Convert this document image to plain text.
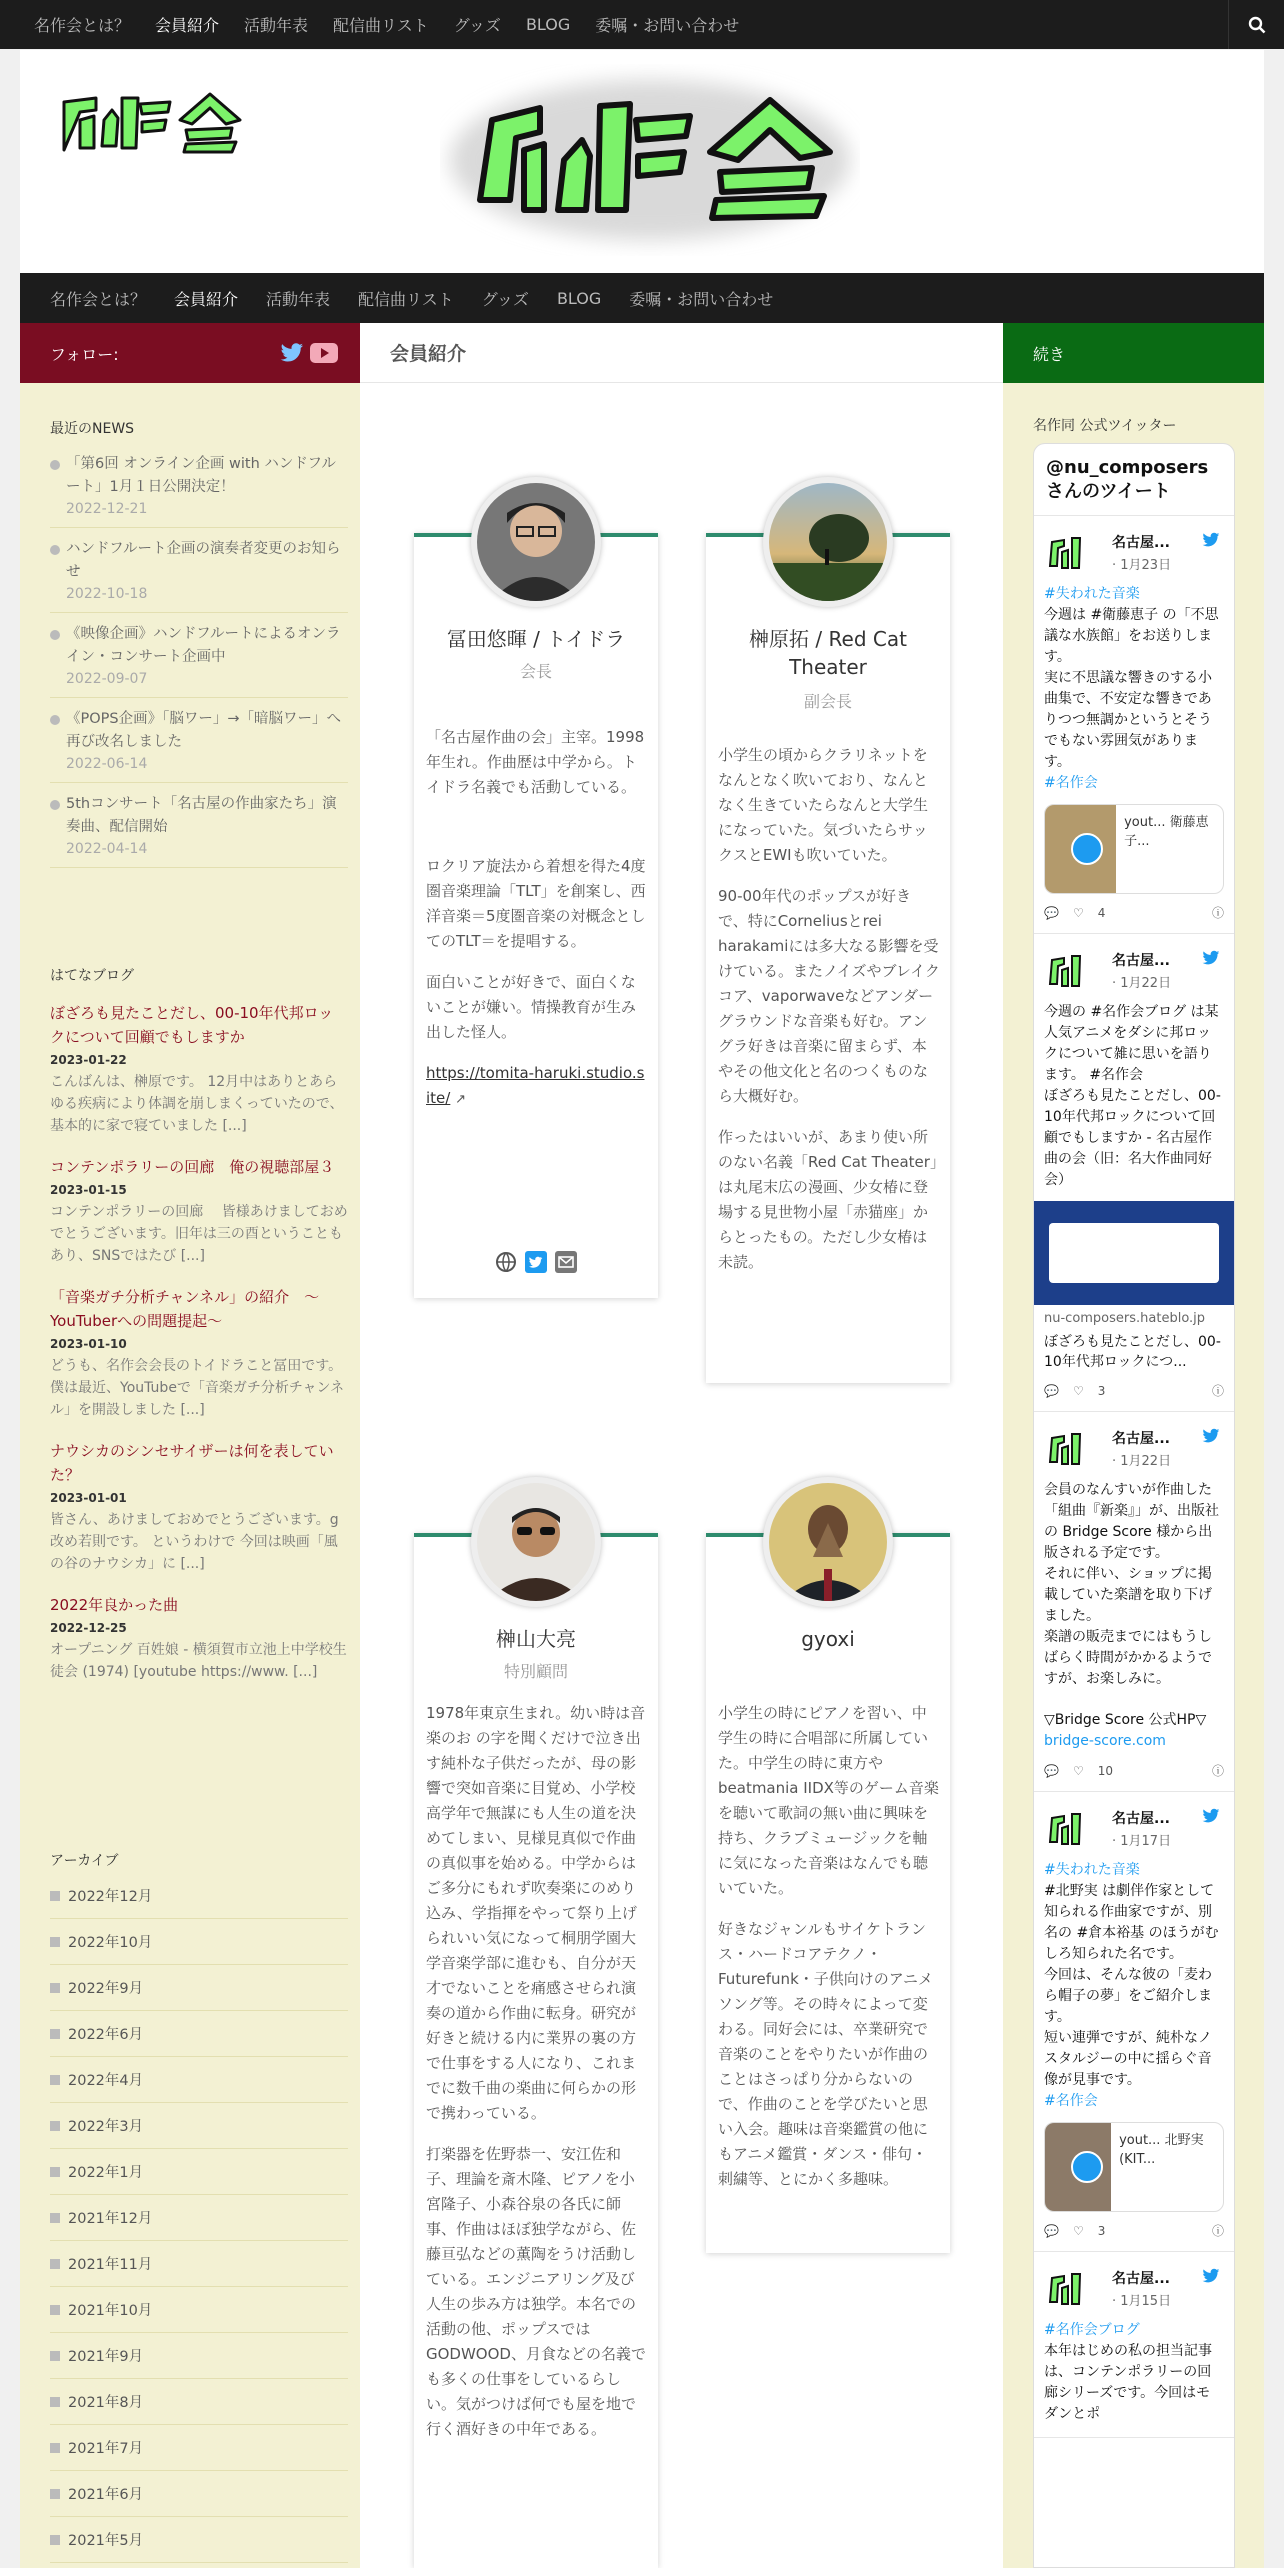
名作会とは？ 会員紹介 活動年表 配信曲リスト グッズ BLOG 委嘱・お問い合わせ
名作会とは？ 会員紹介 活動年表 配信曲リスト グッズ BLOG 委嘱・お問い合わせ
フォロー:
最近のNEWS
「第6回 オンライン企画 with ハンドフルート」1月１日公開決定！
2022-12-21
ハンドフルート企画の演奏者変更のお知らせ
2022-10-18
《映像企画》ハンドフルートによるオンライン・コンサート企画中
2022-09-07
《POPS企画》「脳ワー」→「暗脳ワー」へ再び改名しました
2022-06-14
5thコンサート「名古屋の作曲家たち」演奏曲、配信開始
2022-04-14
はてなブログ
ぼざろも見たことだし、00-10年代邦ロックについて回顧でもしますか
2023-01-22
こんばんは、榊原です。 12月中はありとあらゆる疾病により体調を崩しまくっていたので、基本的に家で寝ていました [...]
コンテンポラリーの回廊　俺の視聴部屋３
2023-01-15
コンテンポラリーの回廊　 皆様あけましておめでとうございます。旧年は三の酉ということもあり、SNSではたび [...]
「音楽ガチ分析チャンネル」の紹介　～YouTuberへの問題提起～
2023-01-10
どうも、名作会会長のトイドラこと冨田です。 僕は最近、YouTubeで「音楽ガチ分析チャンネル」を開設しました [...]
ナウシカのシンセサイザーは何を表していた？
2023-01-01
皆さん、あけましておめでとうございます。g改め若則です。 というわけで 今回は映画「風の谷のナウシカ」に [...]
2022年良かった曲
2022-12-25
オープニング 百姓娘 - 横須賀市立池上中学校生徒会 (1974) [youtube https://www. [...]
アーカイブ
2022年12月
2022年10月
2022年9月
2022年6月
2022年4月
2022年3月
2022年1月
2021年12月
2021年11月
2021年10月
2021年9月
2021年8月
2021年7月
2021年6月
2021年5月
会員紹介
冨田悠暉 / トイドラ
会長

「名古屋作曲の会」主宰。1998年生れ。作曲歴は中学から。トイドラ名義でも活動している。

ロクリア旋法から着想を得た4度圏音楽理論「TLT」を創案し、西洋音楽＝5度圏音楽の対概念としてのTLT＝を提唱する。

面白いことが好きで、面白くないことが嫌い。情操教育が生み出した怪人。

https://tomita-haruki.studio.site/ ↗

榊原拓 / Red Cat Theater
副会長

小学生の頃からクラリネットをなんとなく吹いており、なんとなく生きていたらなんと大学生になっていた。気づいたらサックスとEWIも吹いていた。

90-00年代のポップスが好きで、特にCorneliusとrei harakamiには多大なる影響を受けている。またノイズやブレイクコア、vaporwaveなどアンダーグラウンドな音楽も好む。アングラ好きは音楽に留まらず、本やその他文化と名のつくものなら大概好む。

作ったはいいが、あまり使い所のない名義「Red Cat Theater」は丸尾末広の漫画、少女椿に登場する見世物小屋「赤猫座」からとったもの。ただし少女椿は未読。

榊山大亮
特別顧問

1978年東京生まれ。幼い時は音楽のお の字を聞くだけで泣き出す純朴な子供だったが、母の影響で突如音楽に目覚め、小学校高学年で無謀にも人生の道を決めてしまい、見様見真似で作曲の真似事を始める。中学からはご多分にもれず吹奏楽にのめり込み、学指揮をやって祭り上げられいい気になって桐朋学園大学音楽学部に進むも、自分が天才でないことを痛感させられ演奏の道から作曲に転身。研究が好きと続ける内に業界の裏の方で仕事をする人になり、これまでに数千曲の楽曲に何らかの形で携わっている。

打楽器を佐野恭一、安江佐和子、理論を斎木隆、ピアノを小宮隆子、小森谷泉の各氏に師事、作曲はほぼ独学ながら、佐藤亘弘などの薫陶をうけ活動している。エンジニアリング及び人生の歩み方は独学。本名での活動の他、ポップスではGODWOOD、月食などの名義でも多くの仕事をしているらしい。気がつけば何でも屋を地で行く酒好きの中年である。

gyoxi

小学生の時にピアノを習い、中学生の時に合唱部に所属していた。中学生の時に東方やbeatmania IIDX等のゲーム音楽を聴いて歌詞の無い曲に興味を持ち、クラブミュージックを軸に気になった音楽はなんでも聴いていた。

好きなジャンルもサイケトランス・ハードコアテクノ・Futurefunk・子供向けのアニメソング等。その時々によって変わる。同好会には、卒業研究で音楽のことをやりたいが作曲のことはさっぱり分からないので、作曲のことを学びたいと思い入会。趣味は音楽鑑賞の他にもアニメ鑑賞・ダンス・俳句・刺繍等、とにかく多趣味。

続き
名作同 公式ツイッター
@nu_composers さんのツイート
名古屋...
· 1月23日
#失われた音楽
今週は #衛藤恵子 の「不思議な水族館」をお送りします。
実に不思議な響きのする小曲集で、不安定な響きでありつつ無調かというとそうでもない雰囲気があります。
#名作会
yout... 衛藤恵子...
💬 ♡ 4	ⓘ
名古屋...
· 1月22日
今週の #名作会ブログ は某人気アニメをダシに邦ロックについて雑に思いを語ります。 #名作会
ぼざろも見たことだし、00-10年代邦ロックについて回顧でもしますか - 名古屋作曲の会（旧：名大作曲同好会）
nu-composers.hateblo.jp
ぼざろも見たことだし、00-10年代邦ロックにつ...
💬 ♡ 3	ⓘ
名古屋...
· 1月22日
会員のなんすいが作曲した「組曲『新楽』」が、出版社の Bridge Score 様から出版される予定です。
それに伴い、ショップに掲載していた楽譜を取り下げました。
楽譜の販売までにはもうしばらく時間がかかるようですが、お楽しみに。
▽Bridge Score 公式HP▽
bridge-score.com
💬 ♡ 10	ⓘ
名古屋...
· 1月17日
#失われた音楽
#北野実 は劇伴作家として知られる作曲家ですが、別名の #倉本裕基 のほうがむしろ知られた名です。
今回は、そんな彼の「麦わら帽子の夢」をご紹介します。
短い連弾ですが、純朴なノスタルジーの中に揺らぐ音像が見事です。
#名作会
yout... 北野実 (KIT...
💬 ♡ 3	ⓘ
名古屋...
· 1月15日
#名作会ブログ
本年はじめの私の担当記事は、コンテンポラリーの回廊シリーズです。今回はモダンとポ
